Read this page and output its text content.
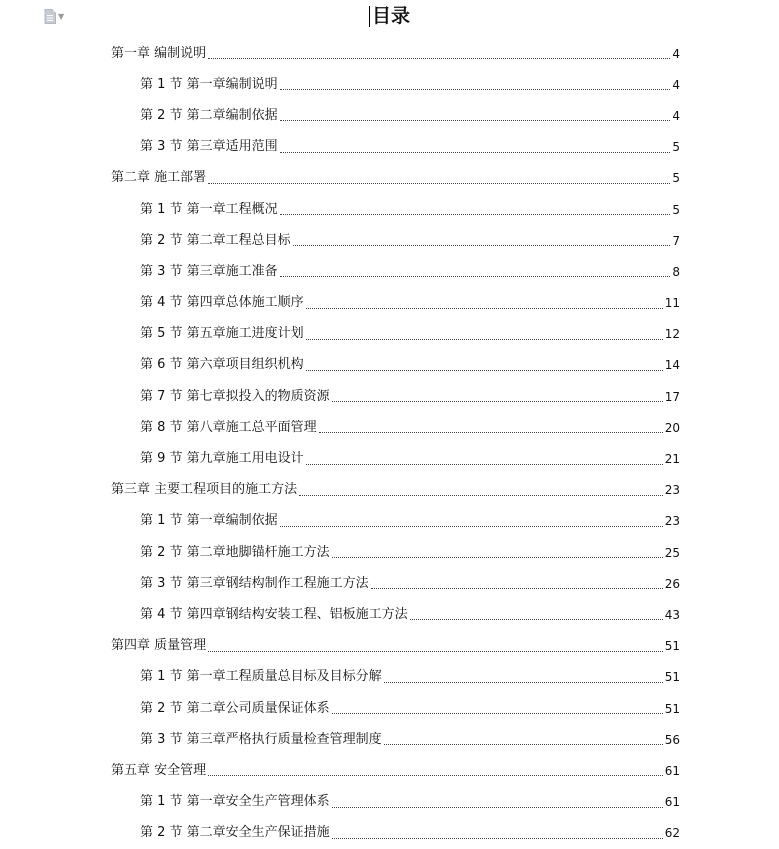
▼	目录
第一章 编制说明	4
第 1 节 第一章编制说明	4
第 2 节 第二章编制依据	4
第 3 节 第三章适用范围	5
第二章 施工部署	5
第 1 节 第一章工程概况	5
第 2 节 第二章工程总目标	7
第 3 节 第三章施工准备	8
第 4 节 第四章总体施工顺序	11
第 5 节 第五章施工进度计划	12
第 6 节 第六章项目组织机构	14
第 7 节 第七章拟投入的物质资源	17
第 8 节 第八章施工总平面管理	20
第 9 节 第九章施工用电设计	21
第三章 主要工程项目的施工方法	23
第 1 节 第一章编制依据	23
第 2 节 第二章地脚锚杆施工方法	25
第 3 节 第三章钢结构制作工程施工方法	26
第 4 节 第四章钢结构安装工程、铝板施工方法	43
第四章 质量管理	51
第 1 节 第一章工程质量总目标及目标分解	51
第 2 节 第二章公司质量保证体系	51
第 3 节 第三章严格执行质量检查管理制度	56
第五章 安全管理	61
第 1 节 第一章安全生产管理体系	61
第 2 节 第二章安全生产保证措施	62
